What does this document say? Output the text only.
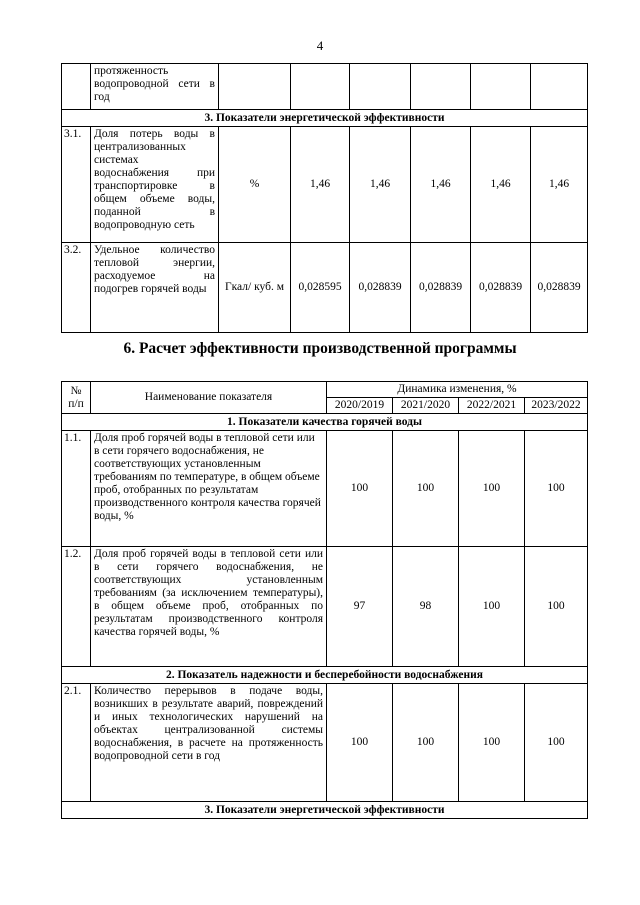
4
	протяженность водопроводной сети в год						
3. Показатели энергетической эффективности							
3.1.	Доля потерь воды в централизованных системах водоснабжения при транспортировке в общем объеме воды, поданной в водопроводную сеть	%	1,46	1,46	1,46	1,46	1,46
3.2.	Удельное количество тепловой энергии, расходуемое на подогрев горячей воды	Гкал/ куб. м	0,028595	0,028839	0,028839	0,028839	0,028839
6. Расчет эффективности производственной программы
№ п/п	Наименование показателя	Динамика изменения, %			
		2020/2019	2021/2020	2022/2021	2023/2022
1. Показатели качества горячей воды					
1.1.	Доля проб горячей воды в тепловой сети или в сети горячего водоснабжения, не соответствующих установленным требованиям по температуре, в общем объеме проб, отобранных по результатам производственного контроля качества горячей воды, %	100	100	100	100
1.2.	Доля проб горячей воды в тепловой сети или в сети горячего водоснабжения, не соответствующих установленным требованиям (за исключением температуры), в общем объеме проб, отобранных по результатам производственного контроля качества горячей воды, %	97	98	100	100
2. Показатель надежности и бесперебойности водоснабжения					
2.1.	Количество перерывов в подаче воды, возникших в результате аварий, повреждений и иных технологических нарушений на объектах централизованной системы водоснабжения, в расчете на протяженность водопроводной сети в год	100	100	100	100
3. Показатели энергетической эффективности					
